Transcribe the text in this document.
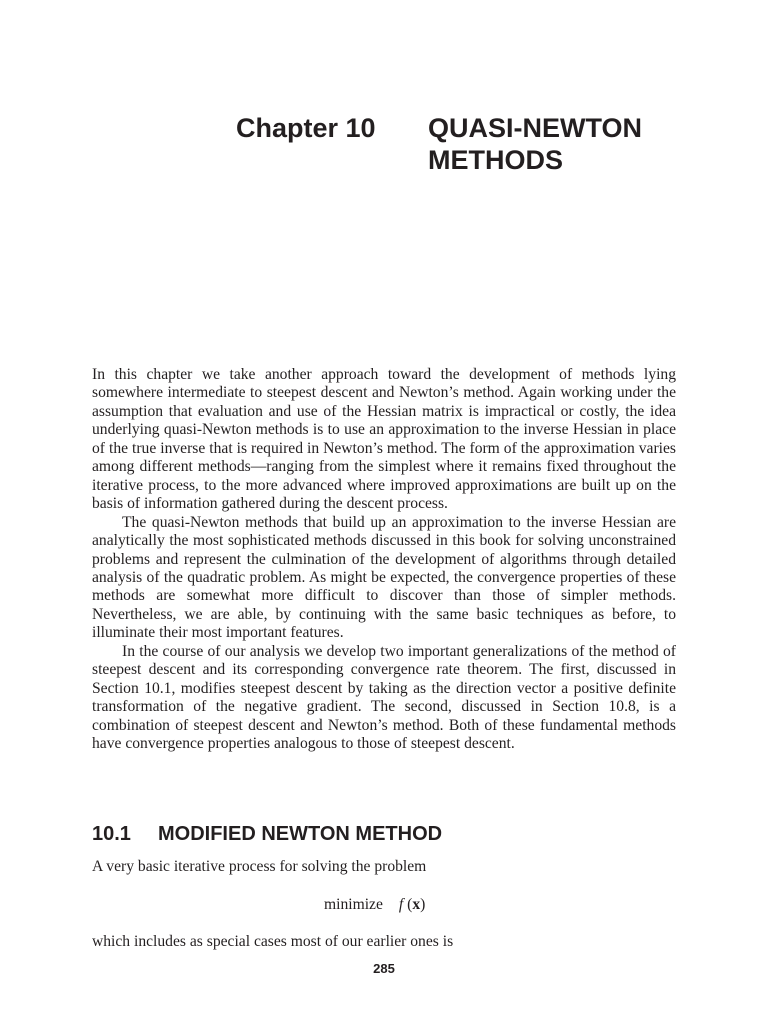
Chapter 10 QUASI-NEWTON
METHODS

In this chapter we take another approach toward the development of methods lying somewhere intermediate to steepest descent and Newton’s method. Again working under the assumption that evaluation and use of the Hessian matrix is impractical or costly, the idea underlying quasi-Newton methods is to use an approximation to the inverse Hessian in place of the true inverse that is required in Newton’s method. The form of the approximation varies among different methods—ranging from the simplest where it remains fixed throughout the iterative process, to the more advanced where improved approximations are built up on the basis of information gathered during the descent process.

The quasi-Newton methods that build up an approximation to the inverse Hessian are analytically the most sophisticated methods discussed in this book for solving unconstrained problems and represent the culmination of the development of algorithms through detailed analysis of the quadratic problem. As might be expected, the convergence properties of these methods are somewhat more difficult to discover than those of simpler methods. Nevertheless, we are able, by continuing with the same basic techniques as before, to illuminate their most important features.

In the course of our analysis we develop two important generalizations of the method of steepest descent and its corresponding convergence rate theorem. The first, discussed in Section 10.1, modifies steepest descent by taking as the direction vector a positive definite transformation of the negative gradient. The second, discussed in Section 10.8, is a combination of steepest descent and Newton’s method. Both of these fundamental methods have convergence properties analogous to those of steepest descent.

10.1 MODIFIED NEWTON METHOD
A very basic iterative process for solving the problem
minimize f (x)
which includes as special cases most of our earlier ones is
285
